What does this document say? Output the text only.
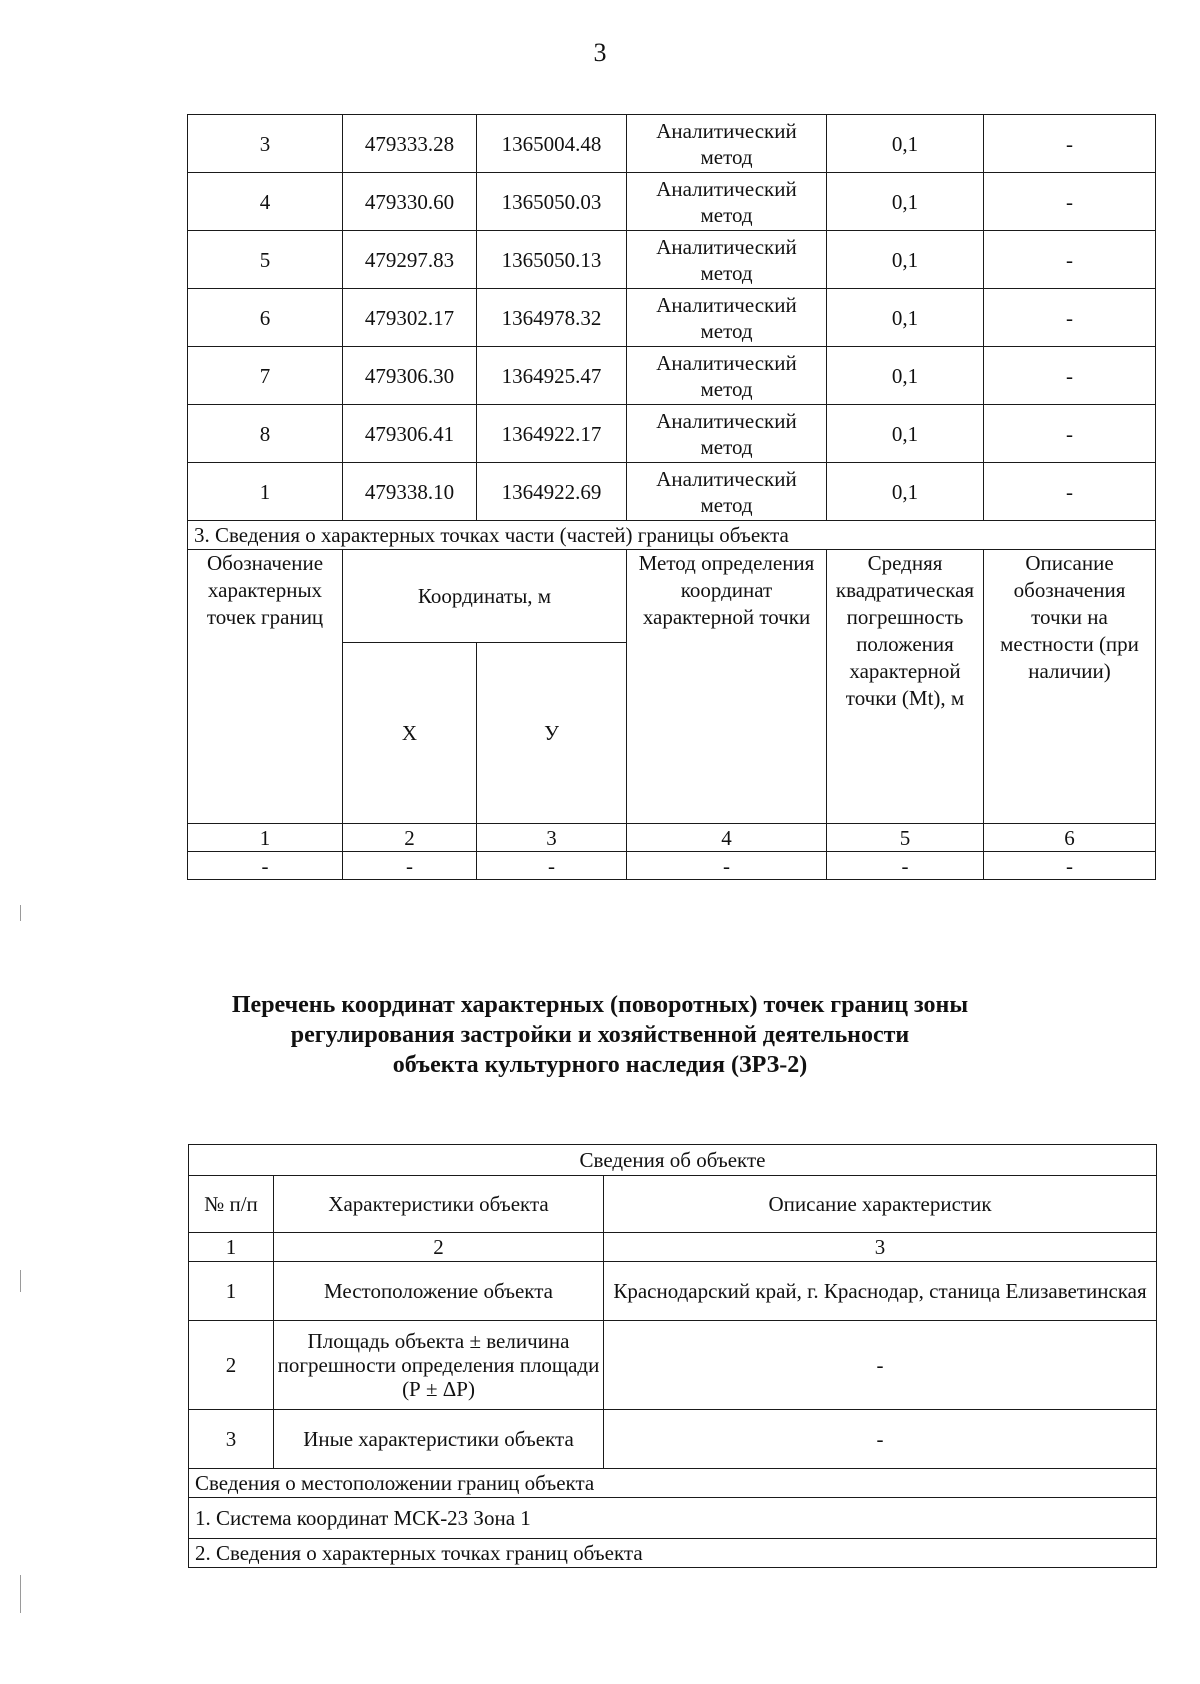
3
3	479333.28	1365004.48	Аналитический метод	0,1	-
4	479330.60	1365050.03	Аналитический метод	0,1	-
5	479297.83	1365050.13	Аналитический метод	0,1	-
6	479302.17	1364978.32	Аналитический метод	0,1	-
7	479306.30	1364925.47	Аналитический метод	0,1	-
8	479306.41	1364922.17	Аналитический метод	0,1	-
1	479338.10	1364922.69	Аналитический метод	0,1	-
3. Сведения о характерных точках части (частей) границы объекта					
Обозначение характерных точек границ	Координаты, м		Метод определения координат характерной точки	Средняя квадратическая погрешность положения характерной точки (Mt), м	Описание обозначения точки на местности (при наличии)
	Х	У			
1	2	3	4	5	6
-	-	-	-	-	-
Перечень координат характерных (поворотных) точек границ зоны
регулирования застройки и хозяйственной деятельности
объекта культурного наследия (ЗРЗ-2)
Сведения об объекте		
№ п/п	Характеристики объекта	Описание характеристик
1	2	3
1	Местоположение объекта	Краснодарский край, г. Краснодар, станица Елизаветинская
2	Площадь объекта ± величина погрешности определения площади (Р ± ΔР)	-
3	Иные характеристики объекта	-
Сведения о местоположении границ объекта		
1. Система координат МСК-23 Зона 1		
2. Сведения о характерных точках границ объекта		
